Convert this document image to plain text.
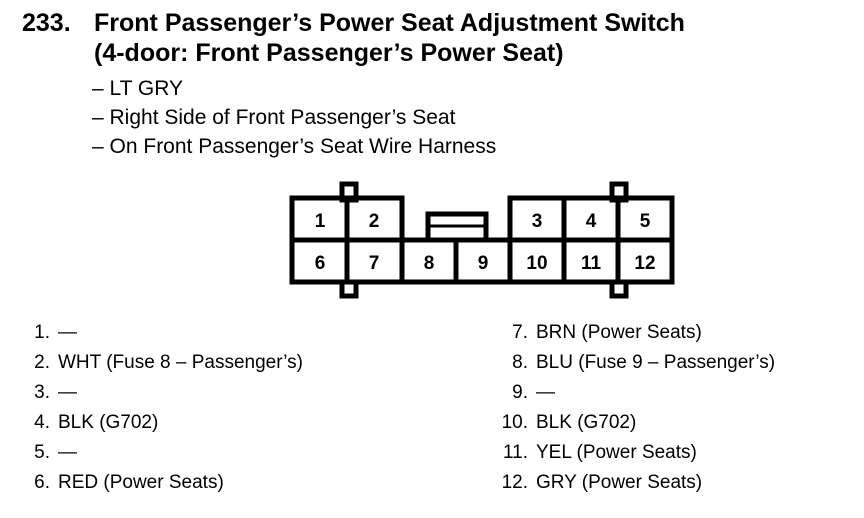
233. Front Passenger’s Power Seat Adjustment Switch
(4-door: Front Passenger’s Power Seat)
– LT GRY
– Right Side of Front Passenger’s Seat
– On Front Passenger’s Seat Wire Harness
1 2	3 4 5
6 7 8 9 10 11 12
1. —
2. WHT (Fuse 8 – Passenger’s)
3. —
4. BLK (G702)
5. —
6. RED (Power Seats)
7. BRN (Power Seats)
8. BLU (Fuse 9 – Passenger’s)
9. —
10. BLK (G702)
11. YEL (Power Seats)
12. GRY (Power Seats)
